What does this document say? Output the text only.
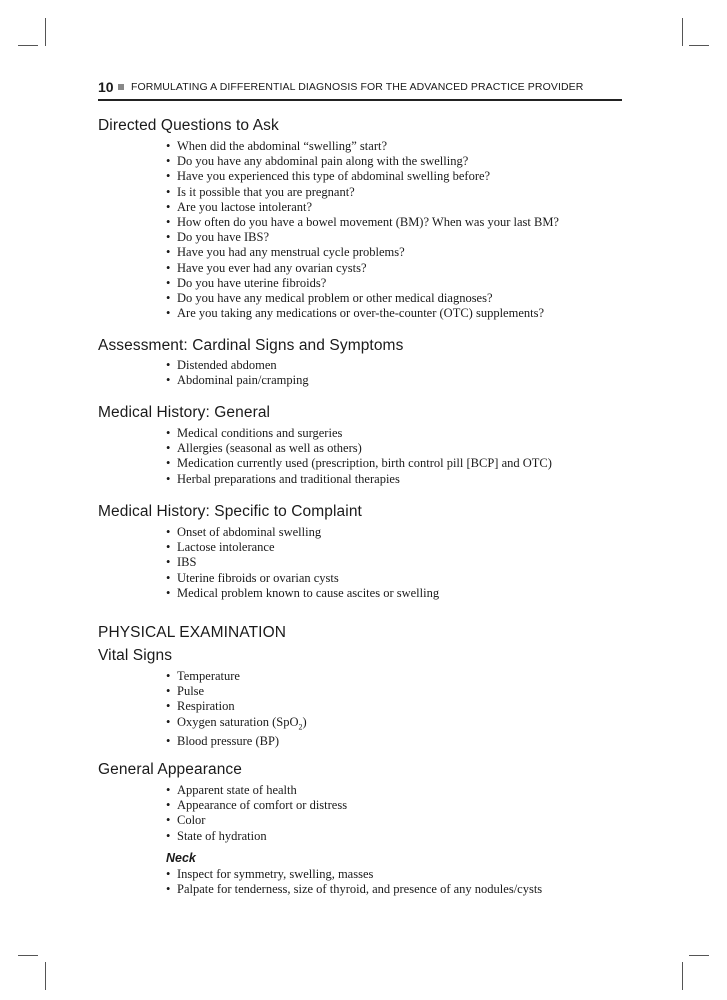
10 FORMULATING A DIFFERENTIAL DIAGNOSIS FOR THE ADVANCED PRACTICE PROVIDER
Directed Questions to Ask
• When did the abdominal “swelling” start?
• Do you have any abdominal pain along with the swelling?
• Have you experienced this type of abdominal swelling before?
• Is it possible that you are pregnant?
• Are you lactose intolerant?
• How often do you have a bowel movement (BM)? When was your last BM?
• Do you have IBS?
• Have you had any menstrual cycle problems?
• Have you ever had any ovarian cysts?
• Do you have uterine fibroids?
• Do you have any medical problem or other medical diagnoses?
• Are you taking any medications or over-the-counter (OTC) supplements?
Assessment: Cardinal Signs and Symptoms
• Distended abdomen
• Abdominal pain/cramping
Medical History: General
• Medical conditions and surgeries
• Allergies (seasonal as well as others)
• Medication currently used (prescription, birth control pill [BCP] and OTC)
• Herbal preparations and traditional therapies
Medical History: Specific to Complaint
• Onset of abdominal swelling
• Lactose intolerance
• IBS
• Uterine fibroids or ovarian cysts
• Medical problem known to cause ascites or swelling
PHYSICAL EXAMINATION
Vital Signs
• Temperature
• Pulse
• Respiration
• Oxygen saturation (SpO$_2$)
• Blood pressure (BP)
General Appearance
• Apparent state of health
• Appearance of comfort or distress
• Color
• State of hydration
Neck
• Inspect for symmetry, swelling, masses
• Palpate for tenderness, size of thyroid, and presence of any nodules/cysts
